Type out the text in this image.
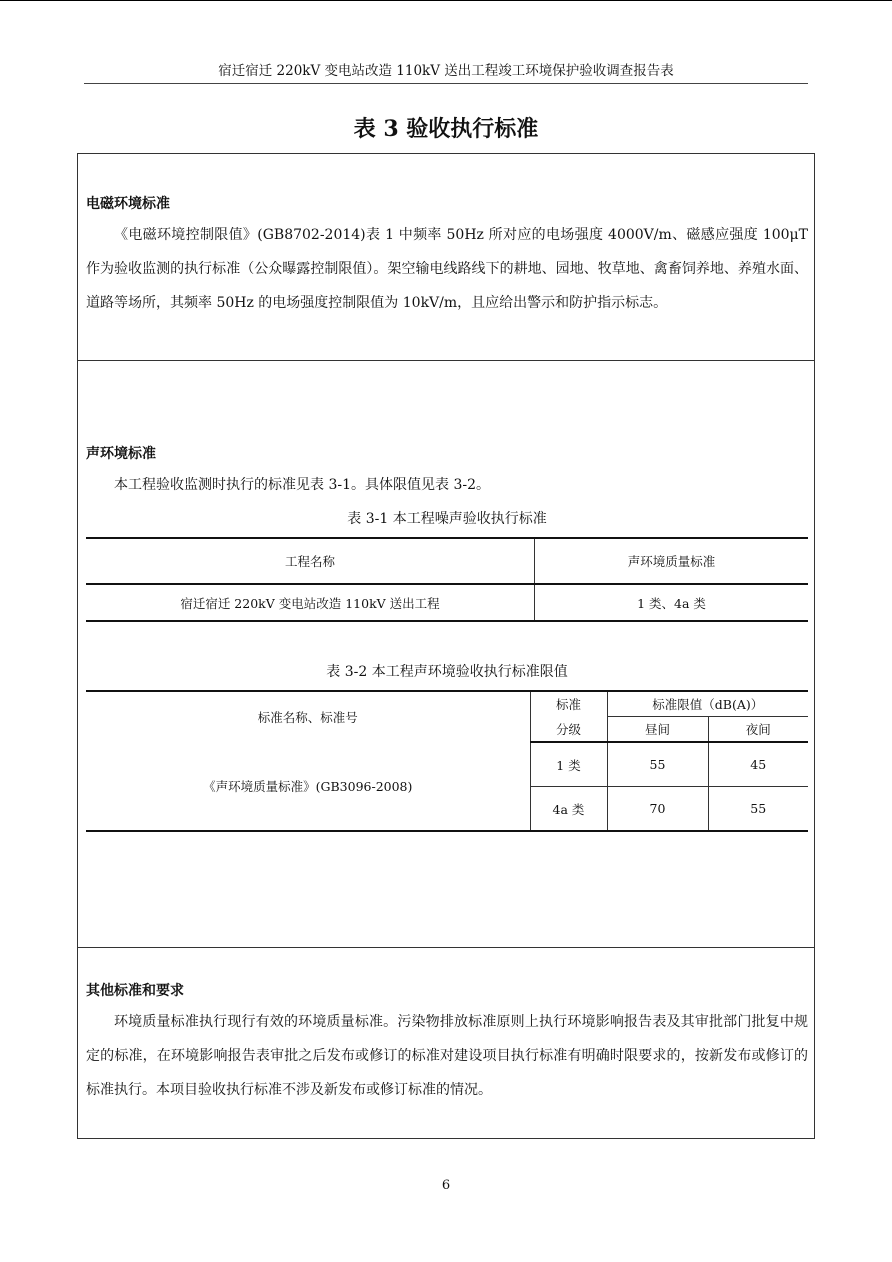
宿迁宿迁 220kV 变电站改造 110kV 送出工程竣工环境保护验收调查报告表
表 3 验收执行标准
电磁环境标准

《电磁环境控制限值》(GB8702-2014)表 1 中频率 50Hz 所对应的电场强度 4000V/m、磁感应强度 100μT 作为验收监测的执行标准（公众曝露控制限值）。架空输电线路线下的耕地、园地、牧草地、禽畜饲养地、养殖水面、道路等场所，其频率 50Hz 的电场强度控制限值为 10kV/m，且应给出警示和防护指示标志。

声环境标准

本工程验收监测时执行的标准见表 3-1。具体限值见表 3-2。

表 3-1 本工程噪声验收执行标准
工程名称	声环境质量标准
宿迁宿迁 220kV 变电站改造 110kV 送出工程	1 类、4a 类
表 3-2 本工程声环境验收执行标准限值
标准名称、标准号	标准	标准限值（dB(A)）	
	分级	昼间	夜间
《声环境质量标准》(GB3096-2008)	1 类	55	45
	4a 类	70	55
其他标准和要求

环境质量标准执行现行有效的环境质量标准。污染物排放标准原则上执行环境影响报告表及其审批部门批复中规定的标准，在环境影响报告表审批之后发布或修订的标准对建设项目执行标准有明确时限要求的，按新发布或修订的标准执行。本项目验收执行标准不涉及新发布或修订标准的情况。

6
